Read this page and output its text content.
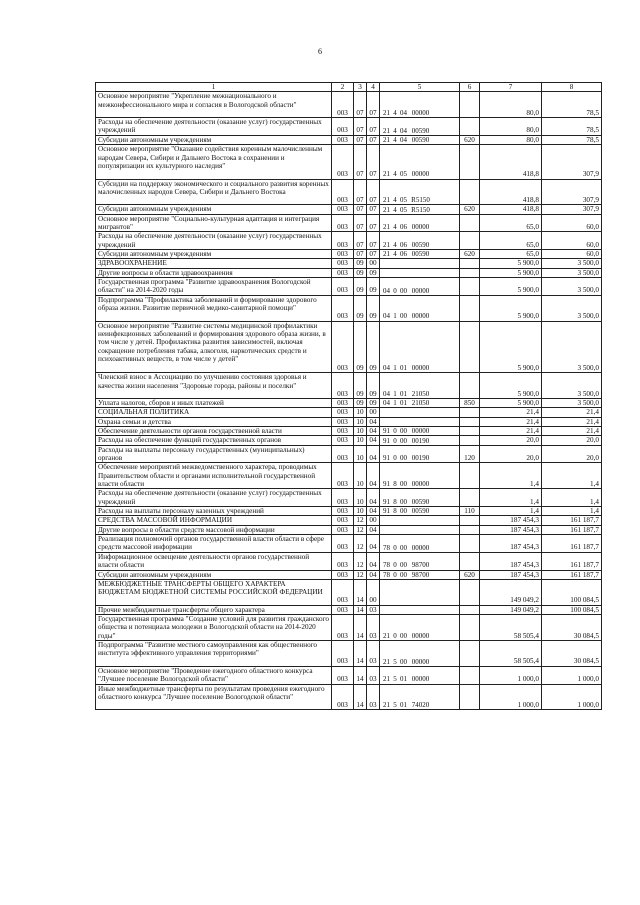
6
1	2	3	4	5	6	7	8
Основное мероприятие "Укрепление межнационального и межконфессионального мира и согласия в Вологодской области"	003	07	07	21 4 04 00000		80,0	78,5
Расходы на обеспечение деятельности (оказание услуг) государственных учреждений	003	07	07	21 4 04 00590		80,0	78,5
Субсидии автономным учреждениям	003	07	07	21 4 04 00590	620	80,0	78,5
Основное мероприятие "Оказание содействия коренным малочисленным народам Севера, Сибири и Дальнего Востока в сохранении и популяризации их культурного наследия"	003	07	07	21 4 05 00000		418,8	307,9
Субсидии на поддержку экономического и социального развития коренных малочисленных народов Севера, Сибири и Дальнего Востока	003	07	07	21 4 05 R5150		418,8	307,9
Субсидии автономным учреждениям	003	07	07	21 4 05 R5150	620	418,8	307,9
Основное мероприятие "Социально-культурная адаптация и интеграция мигрантов"	003	07	07	21 4 06 00000		65,0	60,0
Расходы на обеспечение деятельности (оказание услуг) государственных учреждений	003	07	07	21 4 06 00590		65,0	60,0
Субсидии автономным учреждениям	003	07	07	21 4 06 00590	620	65,0	60,0
ЗДРАВООХРАНЕНИЕ	003	09	00			5 900,0	3 500,0
Другие вопросы в области здравоохранения	003	09	09			5 900,0	3 500,0
Государственная программа "Развитие здравоохранения Вологодской области" на 2014-2020 годы	003	09	09	04 0 00 00000		5 900,0	3 500,0
Подпрограмма "Профилактика заболеваний и формирование здорового образа жизни. Развитие первичной медико-санитарной помощи"	003	09	09	04 1 00 00000		5 900,0	3 500,0
Основное мероприятие "Развитие системы медицинской профилактики неинфекционных заболеваний и формирования здорового образа жизни, в том числе у детей. Профилактика развития зависимостей, включая сокращение потребления табака, алкоголя, наркотических средств и психоактивных веществ, в том числе у детей"	003	09	09	04 1 01 00000		5 900,0	3 500,0
Членский взнос в Ассоциацию по улучшению состояния здоровья и качества жизни населения "Здоровые города, районы и поселки"	003	09	09	04 1 01 21050		5 900,0	3 500,0
Уплата налогов, сборов и иных платежей	003	09	09	04 1 01 21050	850	5 900,0	3 500,0
СОЦИАЛЬНАЯ ПОЛИТИКА	003	10	00			21,4	21,4
Охрана семьи и детства	003	10	04			21,4	21,4
Обеспечение деятельности органов государственной власти	003	10	04	91 0 00 00000		21,4	21,4
Расходы на обеспечение функций государственных органов	003	10	04	91 0 00 00190		20,0	20,0
Расходы на выплаты персоналу государственных (муниципальных) органов	003	10	04	91 0 00 00190	120	20,0	20,0
Обеспечение мероприятий межведомственного характера, проводимых Правительством области и органами исполнительной государственной власти области	003	10	04	91 8 00 00000		1,4	1,4
Расходы на обеспечение деятельности (оказание услуг) государственных учреждений	003	10	04	91 8 00 00590		1,4	1,4
Расходы на выплаты персоналу казенных учреждений	003	10	04	91 8 00 00590	110	1,4	1,4
СРЕДСТВА МАССОВОЙ ИНФОРМАЦИИ	003	12	00			187 454,3	161 187,7
Другие вопросы в области средств массовой информации	003	12	04			187 454,3	161 187,7
Реализация полномочий органов государственной власти области в сфере средств массовой информации	003	12	04	78 0 00 00000		187 454,3	161 187,7
Информационное освещение деятельности органов государственной власти области	003	12	04	78 0 00 98700		187 454,3	161 187,7
Субсидии автономным учреждениям	003	12	04	78 0 00 98700	620	187 454,3	161 187,7
МЕЖБЮДЖЕТНЫЕ ТРАНСФЕРТЫ ОБЩЕГО ХАРАКТЕРА БЮДЖЕТАМ БЮДЖЕТНОЙ СИСТЕМЫ РОССИЙСКОЙ ФЕДЕРАЦИИ	003	14	00			149 049,2	100 084,5
Прочие межбюджетные трансферты общего характера	003	14	03			149 049,2	100 084,5
Государственная программа "Создание условий для развития гражданского общества и потенциала молодежи в Вологодской области на 2014-2020 годы"	003	14	03	21 0 00 00000		58 505,4	30 084,5
Подпрограмма "Развитие местного самоуправления как общественного института эффективного управления территориями"	003	14	03	21 5 00 00000		58 505,4	30 084,5
Основное мероприятие "Проведение ежегодного областного конкурса "Лучшее поселение Вологодской области"	003	14	03	21 5 01 00000		1 000,0	1 000,0
Иные межбюджетные трансферты по результатам проведения ежегодного областного конкурса "Лучшее поселение Вологодской области"	003	14	03	21 5 01 74020		1 000,0	1 000,0
